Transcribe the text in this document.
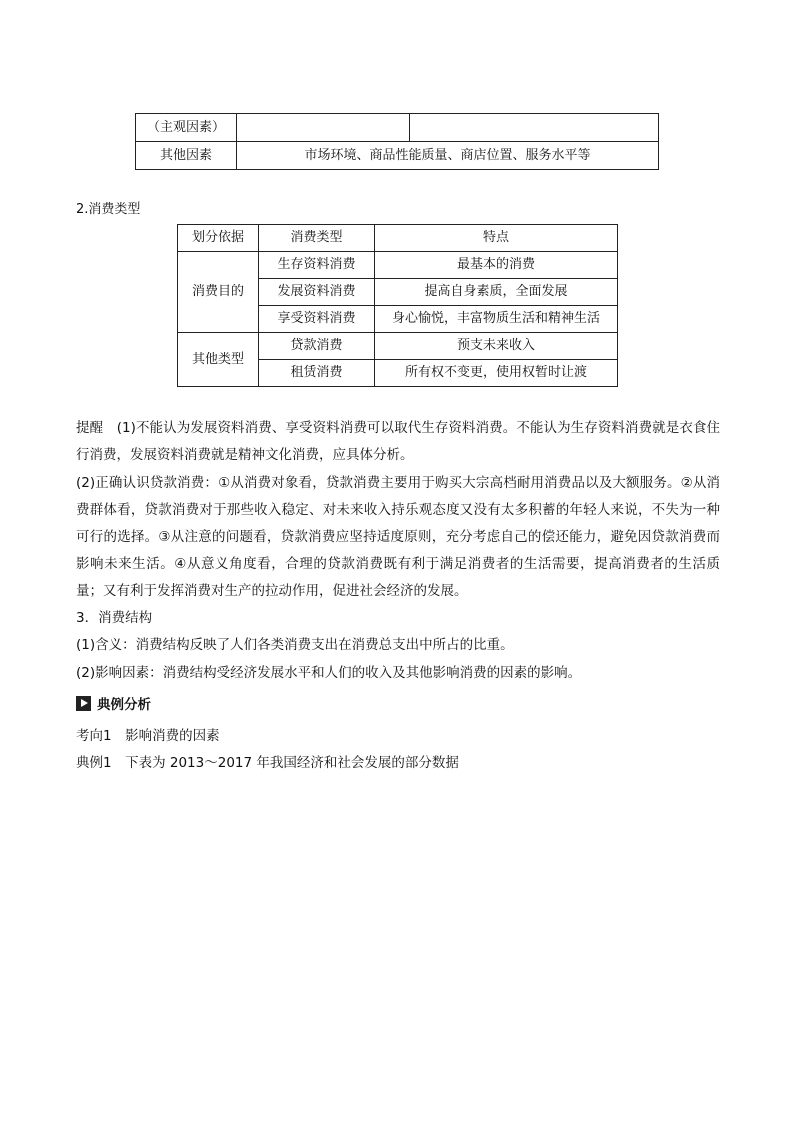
（主观因素）		
其他因素	市场环境、商品性能质量、商店位置、服务水平等	
2.消费类型
划分依据	消费类型	特点
消费目的	生存资料消费	最基本的消费
	发展资料消费	提高自身素质，全面发展
	享受资料消费	身心愉悦，丰富物质生活和精神生活
其他类型	贷款消费	预支未来收入
	租赁消费	所有权不变更，使用权暂时让渡

提醒　 (1)不能认为发展资料消费、享受资料消费可以取代生存资料消费。不能认为生存资料消费就是衣食住行消费，发展资料消费就是精神文化消费，应具体分析。

(2)正确认识贷款消费：①从消费对象看，贷款消费主要用于购买大宗高档耐用消费品以及大额服务。②从消费群体看，贷款消费对于那些收入稳定、对未来收入持乐观态度又没有太多积蓄的年轻人来说，不失为一种可行的选择。③从注意的问题看，贷款消费应坚持适度原则，充分考虑自己的偿还能力，避免因贷款消费而影响未来生活。④从意义角度看，合理的贷款消费既有利于满足消费者的生活需要，提高消费者的生活质量；又有利于发挥消费对生产的拉动作用，促进社会经济的发展。

3．消费结构

(1)含义：消费结构反映了人们各类消费支出在消费总支出中所占的比重。

(2)影响因素：消费结构受经济发展水平和人们的收入及其他影响消费的因素的影响。

典例分析

考向1　影响消费的因素

典例1　下表为 2013～2017 年我国经济和社会发展的部分数据
